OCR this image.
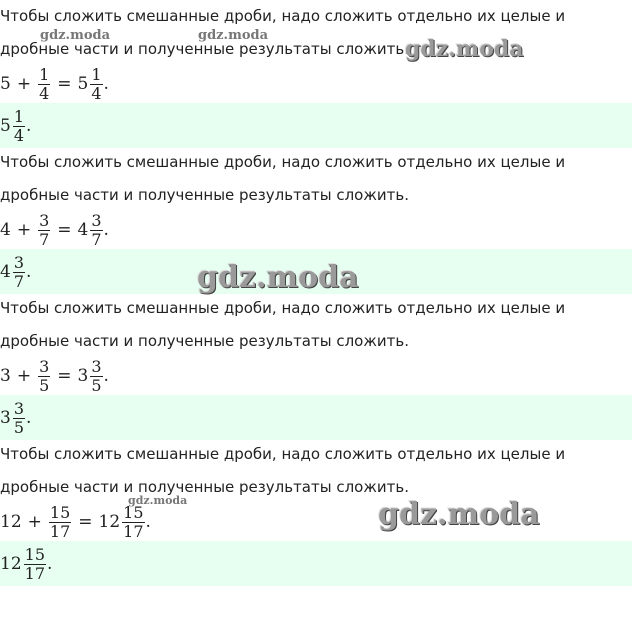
Чтобы сложить смешанные дроби, надо сложить отдельно их целые и
дробные части и полученные результаты сложить.
$5 + \frac{1}{4} = 5 \frac{1}{4}$ .
$5 \frac{1}{4}$ .
Чтобы сложить смешанные дроби, надо сложить отдельно их целые и
дробные части и полученные результаты сложить.
$4 + \frac{3}{7} = 4 \frac{3}{7}$ .
$4 \frac{3}{7}$ .
Чтобы сложить смешанные дроби, надо сложить отдельно их целые и
дробные части и полученные результаты сложить.
$3 + \frac{3}{5} = 3 \frac{3}{5}$ .
$3 \frac{3}{5}$ .
Чтобы сложить смешанные дроби, надо сложить отдельно их целые и
дробные части и полученные результаты сложить.
$12 + \frac{15}{17} = 12 \frac{15}{17}$ .
$12 \frac{15}{17}$ .
gdz.moda	gdz.moda
gdz.moda
gdz.moda
gdz.moda	gdz.moda
